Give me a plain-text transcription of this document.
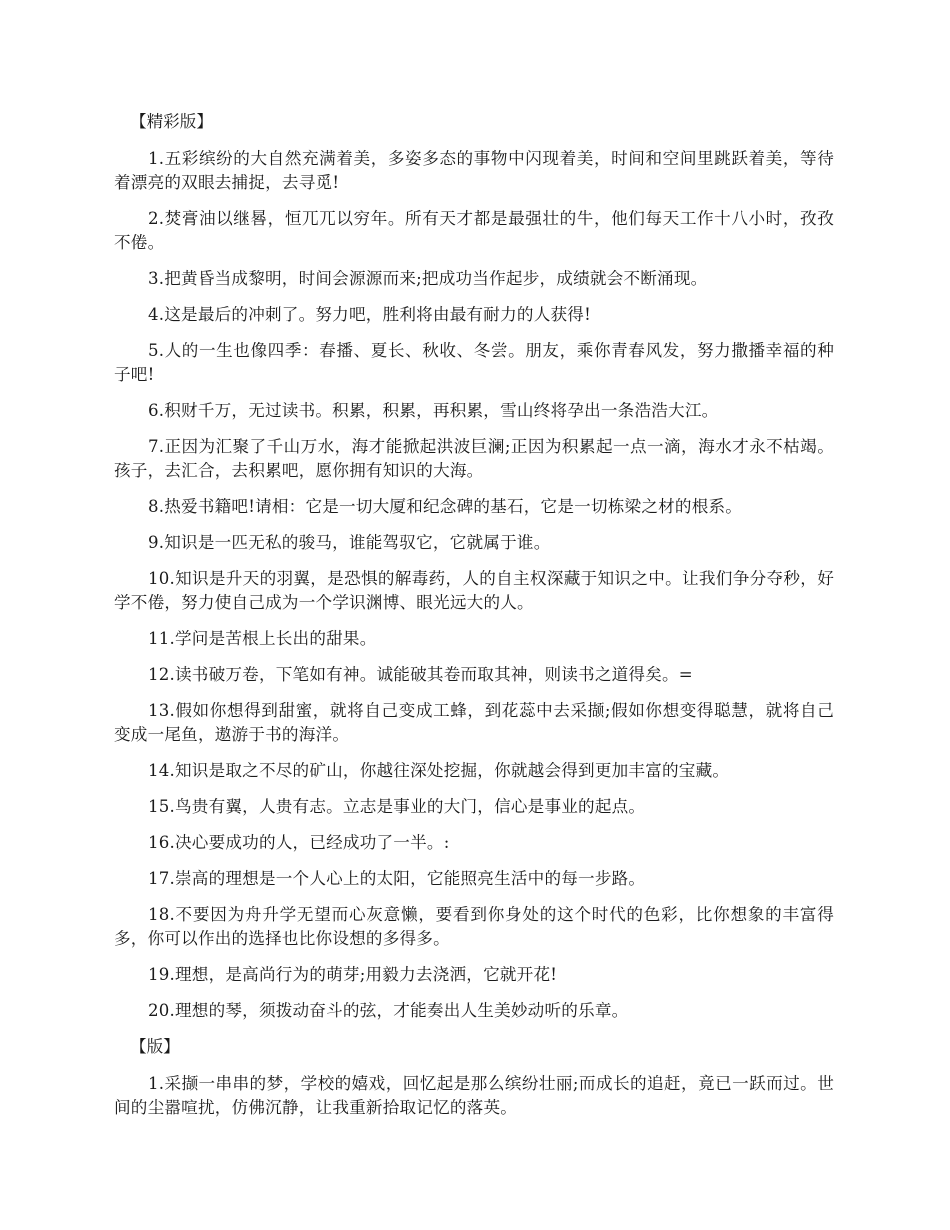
【精彩版】

1.五彩缤纷的大自然充满着美，多姿多态的事物中闪现着美，时间和空间里跳跃着美，等待着漂亮的双眼去捕捉，去寻觅!

2.焚膏油以继晷，恒兀兀以穷年。所有天才都是最强壮的牛，他们每天工作十八小时，孜孜不倦。

3.把黄昏当成黎明，时间会源源而来;把成功当作起步，成绩就会不断涌现。

4.这是最后的冲刺了。努力吧，胜利将由最有耐力的人获得!

5.人的一生也像四季：春播、夏长、秋收、冬尝。朋友，乘你青春风发，努力撒播幸福的种子吧!

6.积财千万，无过读书。积累，积累，再积累，雪山终将孕出一条浩浩大江。

7.正因为汇聚了千山万水，海才能掀起洪波巨澜;正因为积累起一点一滴，海水才永不枯竭。孩子，去汇合，去积累吧，愿你拥有知识的大海。

8.热爱书籍吧!请相：它是一切大厦和纪念碑的基石，它是一切栋梁之材的根系。

9.知识是一匹无私的骏马，谁能驾驭它，它就属于谁。

10.知识是升天的羽翼，是恐惧的解毒药，人的自主权深藏于知识之中。让我们争分夺秒，好学不倦，努力使自己成为一个学识渊博、眼光远大的人。

11.学问是苦根上长出的甜果。

12.读书破万卷，下笔如有神。诚能破其卷而取其神，则读书之道得矣。=

13.假如你想得到甜蜜，就将自己变成工蜂，到花蕊中去采撷;假如你想变得聪慧，就将自己变成一尾鱼，遨游于书的海洋。

14.知识是取之不尽的矿山，你越往深处挖掘，你就越会得到更加丰富的宝藏。

15.鸟贵有翼，人贵有志。立志是事业的大门，信心是事业的起点。

16.决心要成功的人，已经成功了一半。:

17.崇高的理想是一个人心上的太阳，它能照亮生活中的每一步路。

18.不要因为舟升学无望而心灰意懒，要看到你身处的这个时代的色彩，比你想象的丰富得多，你可以作出的选择也比你设想的多得多。

19.理想，是高尚行为的萌芽;用毅力去浇洒，它就开花!

20.理想的琴，须拨动奋斗的弦，才能奏出人生美妙动听的乐章。

【版】

1.采撷一串串的梦，学校的嬉戏，回忆起是那么缤纷壮丽;而成长的追赶，竟已一跃而过。世间的尘嚣喧扰，仿佛沉静，让我重新拾取记忆的落英。
